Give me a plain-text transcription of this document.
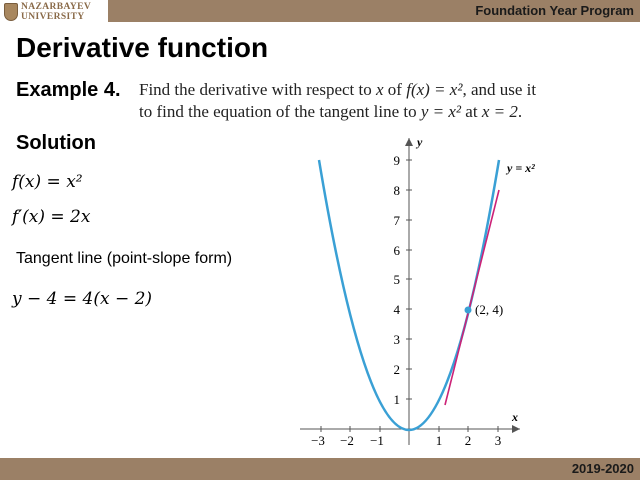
NAZARBAYEV
UNIVERSITY	Foundation Year Program
Derivative function
Example 4. Find the derivative with respect to x of f(x) = x², and use it
to find the equation of the tangent line to y = x² at x = 2.
Solution
f(x) = x²
f′(x) = 2x
Tangent line (point-slope form)
y − 4 = 4(x − 2)
x
y
−3 −2 −1	1 2 3
1
2
3
4
5
6
7
8
9
(2, 4)
y = x²
2019-2020
